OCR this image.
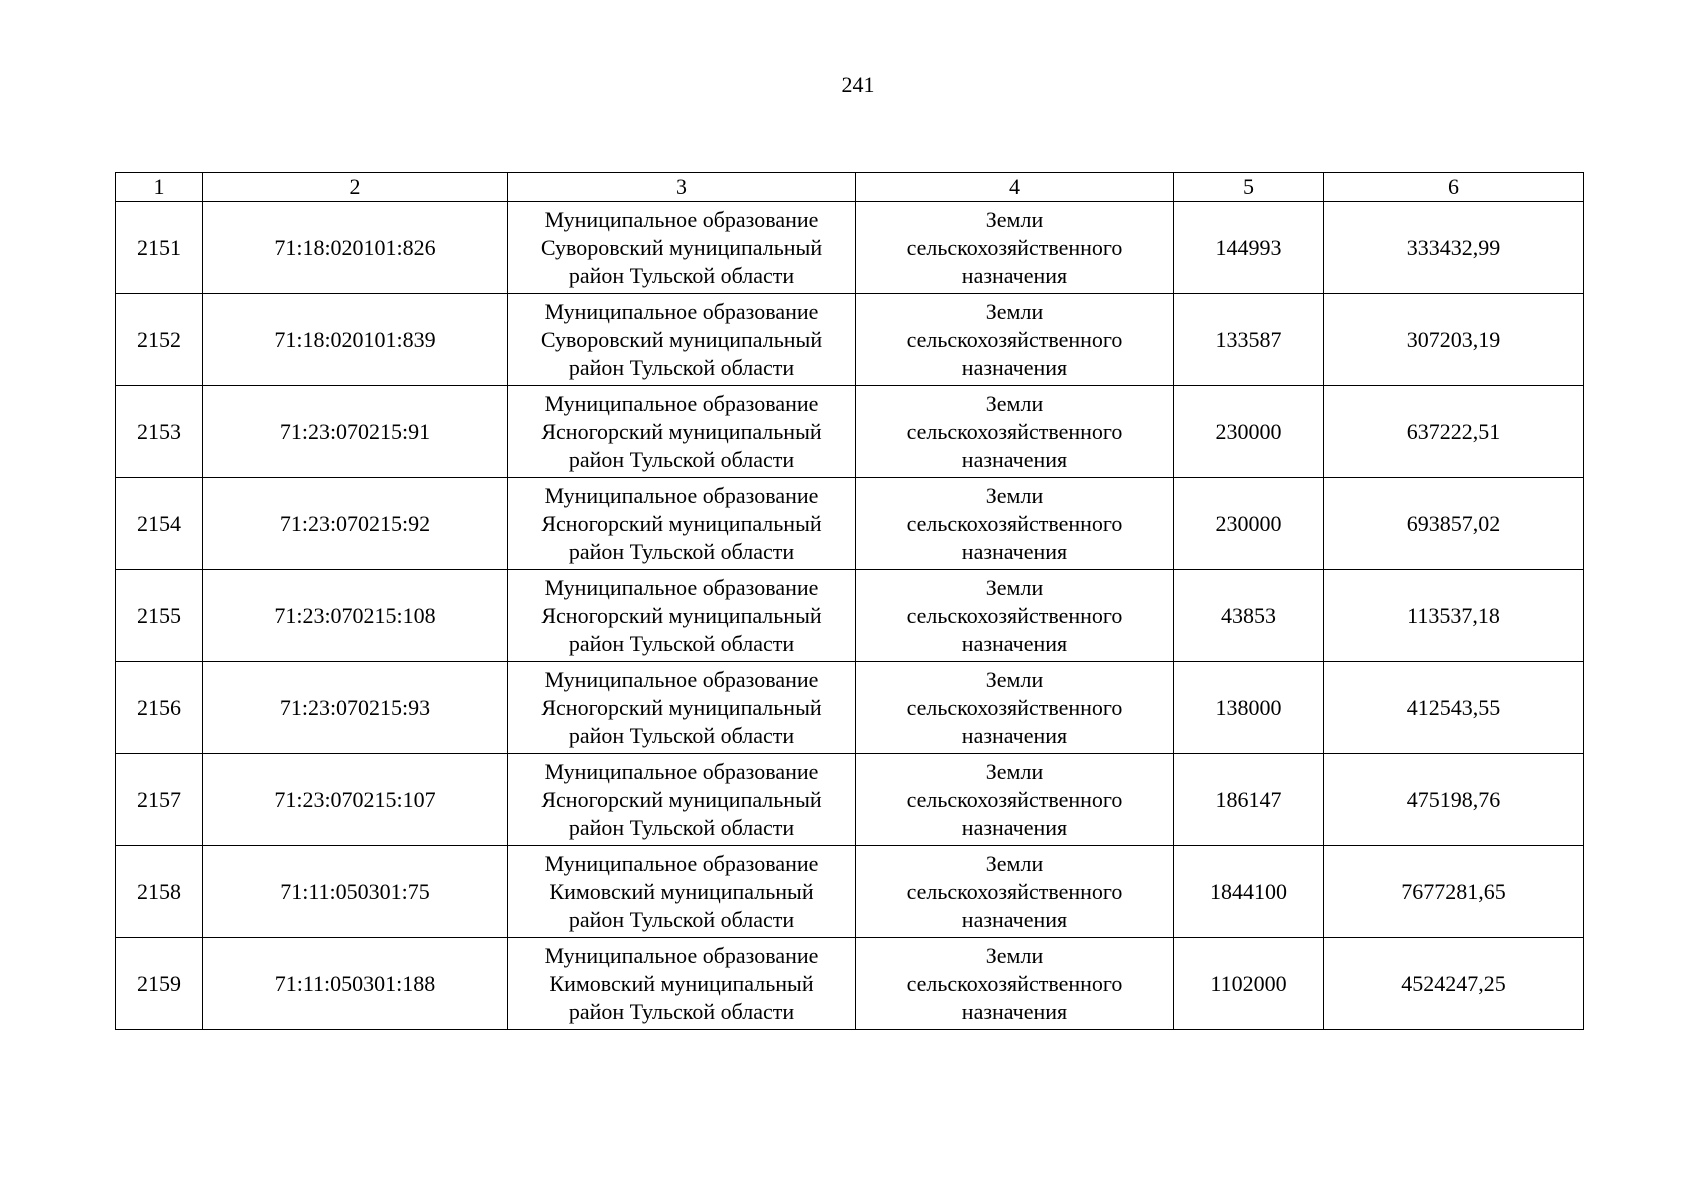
241
1	2	3	4	5	6
2151	71:18:020101:826	Муниципальное образование
Суворовский муниципальный
район Тульской области	Земли
сельскохозяйственного
назначения	144993	333432,99
2152	71:18:020101:839	Муниципальное образование
Суворовский муниципальный
район Тульской области	Земли
сельскохозяйственного
назначения	133587	307203,19
2153	71:23:070215:91	Муниципальное образование
Ясногорский муниципальный
район Тульской области	Земли
сельскохозяйственного
назначения	230000	637222,51
2154	71:23:070215:92	Муниципальное образование
Ясногорский муниципальный
район Тульской области	Земли
сельскохозяйственного
назначения	230000	693857,02
2155	71:23:070215:108	Муниципальное образование
Ясногорский муниципальный
район Тульской области	Земли
сельскохозяйственного
назначения	43853	113537,18
2156	71:23:070215:93	Муниципальное образование
Ясногорский муниципальный
район Тульской области	Земли
сельскохозяйственного
назначения	138000	412543,55
2157	71:23:070215:107	Муниципальное образование
Ясногорский муниципальный
район Тульской области	Земли
сельскохозяйственного
назначения	186147	475198,76
2158	71:11:050301:75	Муниципальное образование
Кимовский муниципальный
район Тульской области	Земли
сельскохозяйственного
назначения	1844100	7677281,65
2159	71:11:050301:188	Муниципальное образование
Кимовский муниципальный
район Тульской области	Земли
сельскохозяйственного
назначения	1102000	4524247,25
